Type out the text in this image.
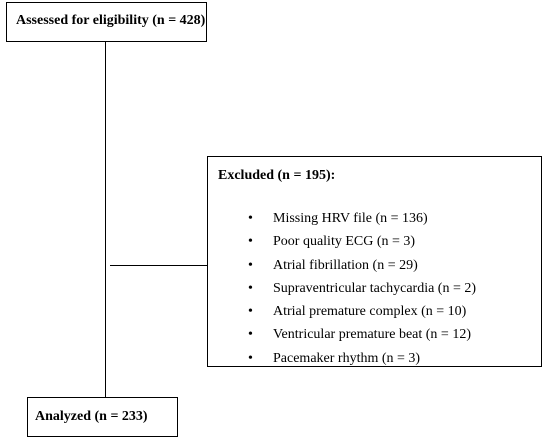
Assessed for eligibility (n = 428)
Excluded (n = 195):
• Missing HRV file (n = 136)
• Poor quality ECG (n = 3)
• Atrial fibrillation (n = 29)
• Supraventricular tachycardia (n = 2)
• Atrial premature complex (n = 10)
• Ventricular premature beat (n = 12)
• Pacemaker rhythm (n = 3)
Analyzed (n = 233)
